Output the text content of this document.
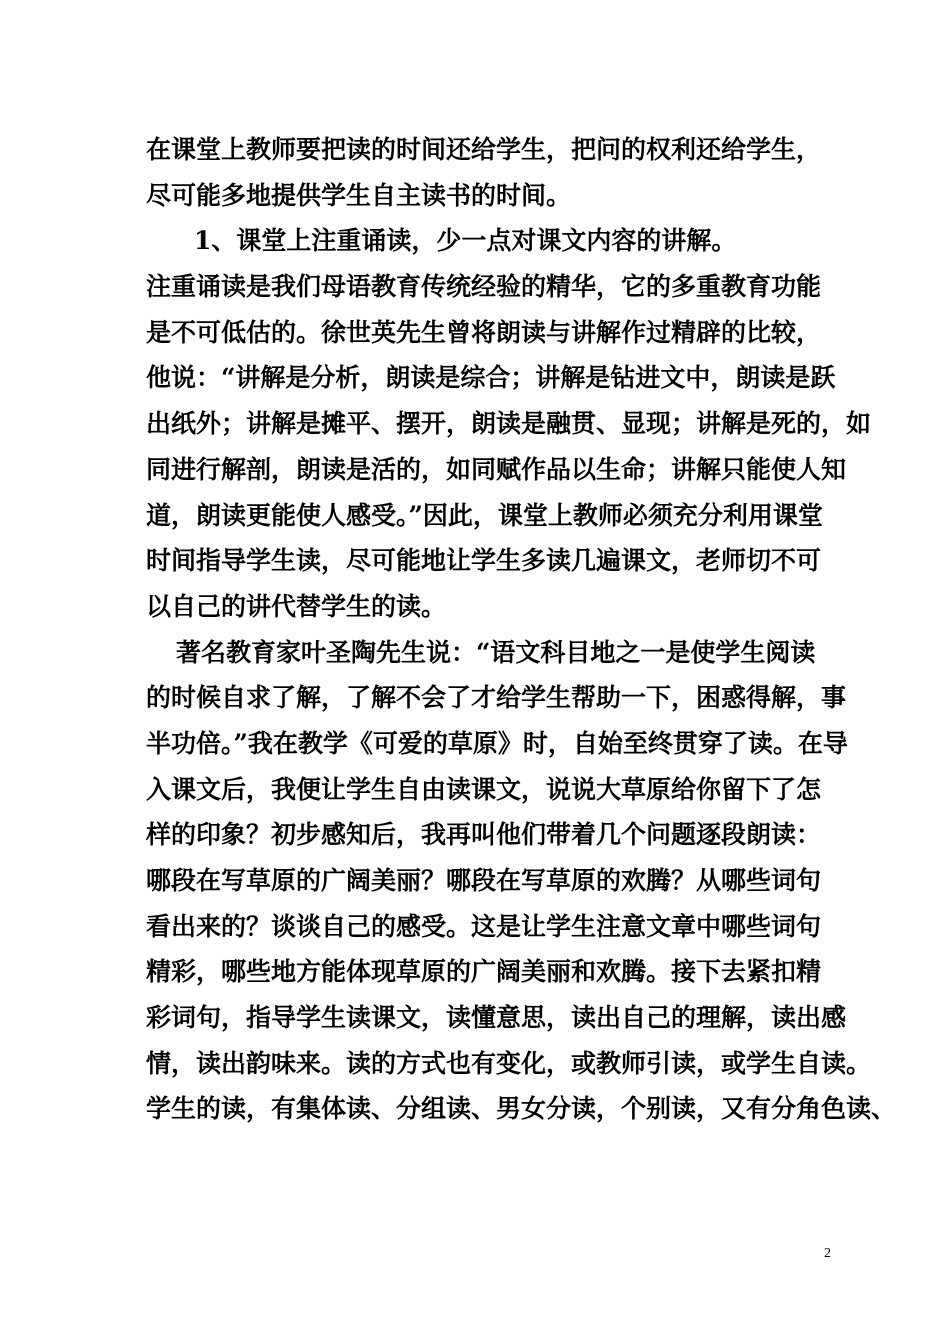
在课堂上教师要把读的时间还给学生，把问的权利还给学生，
尽可能多地提供学生自主读书的时间。
1、课堂上注重诵读，少一点对课文内容的讲解。
注重诵读是我们母语教育传统经验的精华，它的多重教育功能
是不可低估的。徐世英先生曾将朗读与讲解作过精辟的比较，
他说：“讲解是分析，朗读是综合；讲解是钻进文中，朗读是跃
出纸外；讲解是摊平、摆开，朗读是融贯、显现；讲解是死的，如
同进行解剖，朗读是活的，如同赋作品以生命；讲解只能使人知
道，朗读更能使人感受。”因此，课堂上教师必须充分利用课堂
时间指导学生读，尽可能地让学生多读几遍课文，老师切不可
以自己的讲代替学生的读。
著名教育家叶圣陶先生说：“语文科目地之一是使学生阅读
的时候自求了解，了解不会了才给学生帮助一下，困惑得解，事
半功倍。”我在教学《可爱的草原》时，自始至终贯穿了读。在导
入课文后，我便让学生自由读课文，说说大草原给你留下了怎
样的印象？初步感知后，我再叫他们带着几个问题逐段朗读：
哪段在写草原的广阔美丽？哪段在写草原的欢腾？从哪些词句
看出来的？谈谈自己的感受。这是让学生注意文章中哪些词句
精彩，哪些地方能体现草原的广阔美丽和欢腾。接下去紧扣精
彩词句，指导学生读课文，读懂意思，读出自己的理解，读出感
情，读出韵味来。读的方式也有变化，或教师引读，或学生自读。
学生的读，有集体读、分组读、男女分读，个别读，又有分角色读、
2
